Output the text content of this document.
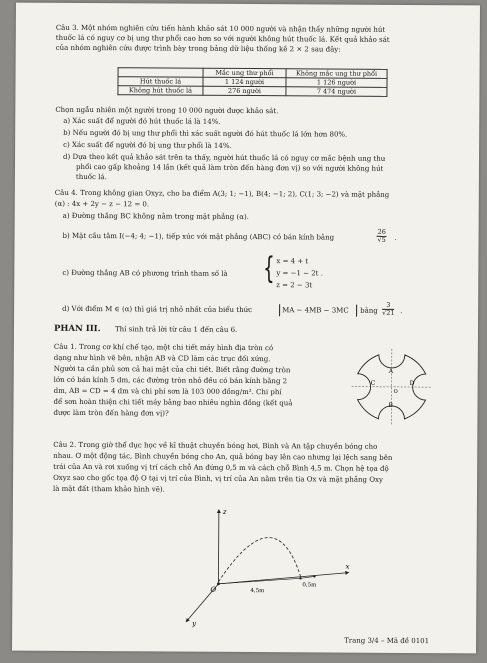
Câu 3. Một nhóm nghiên cứu tiến hành khảo sát 10 000 người và nhận thấy những người hút
thuốc lá có nguy cơ bị ung thư phổi cao hơn so với người không hút thuốc lá. Kết quả khảo sát
của nhóm nghiên cứu được trình bày trong bảng dữ liệu thống kê 2 × 2 sau đây:
	Mắc ung thư phổi	Không mắc ung thư phổi
Hút thuốc lá	1 124 người	1 126 người
Không hút thuốc lá	276 người	7 474 người
Chọn ngẫu nhiên một người trong 10 000 người được khảo sát.
a) Xác suất để người đó hút thuốc lá là 14%.
b) Nếu người đó bị ung thư phổi thì xác suất người đó hút thuốc lá lớn hơn 80%.
c) Xác suất để người đó bị ung thư phổi là 14%.
d) Dựa theo kết quả khảo sát trên ta thấy, người hút thuốc lá có nguy cơ mắc bệnh ung thư
phổi cao gấp khoảng 14 lần (kết quả làm tròn đến hàng đơn vị) so với người không hút
thuốc lá.
Câu 4. Trong không gian Oxyz, cho ba điểm A(3; 1; −1), B(4; −1; 2), C(1; 3; −2) và mặt phẳng
(α) : 4x + 2y − z − 12 = 0.
a) Đường thẳng BC không nằm trong mặt phẳng (α).
b) Mặt cầu tâm I(−4; 4; −1), tiếp xúc với mặt phẳng (ABC) có bán kính bằng	$\frac{26}{√5}$ .
c) Đường thẳng AB có phương trình tham số là { x = 4 + t
y = −1 − 2t .
z = 2 − 3t
d) Với điểm M ∈ (α) thì giá trị nhỏ nhất của biểu thức	MA − 4MB − 3MC bằng $\frac{3}{√21}$ .
PHẦN III. Thí sinh trả lời từ câu 1 đến câu 6.
Câu 1. Trong cơ khí chế tạo, một chi tiết máy hình địa tròn có
dạng như hình vẽ bên, nhận AB và CD làm các trục đối xứng.
Người ta cần phủ sơn cả hai mặt của chi tiết. Biết rằng đường tròn
lớn có bán kính 5 dm, các đường tròn nhỏ đều có bán kính bằng 2
dm, AB = CD = 4 dm và chi phí sơn là 103 000 đồng/m². Chi phí
để sơn hoàn thiện chi tiết máy bằng bao nhiêu nghìn đồng (kết quả
được làm tròn đến hàng đơn vị)?
A
B
C	D
O
Câu 2. Trong giờ thể dục học về kĩ thuật chuyền bóng hơi, Bình và An tập chuyền bóng cho
nhau. Ở một động tác, Bình chuyền bóng cho An, quả bóng bay lên cao nhưng lại lệch sang bên
trái của An và rơi xuống vị trí cách chỗ An đứng 0,5 m và cách chỗ Bình 4,5 m. Chọn hệ tọa độ
Oxyz sao cho gốc tọa độ O tại vị trí của Bình, vị trí của An nằm trên tia Ox và mặt phẳng Oxy
là mặt đất (tham khảo hình vẽ).
z
x
y
O	4,5m
0,5m
Trang 3/4 – Mã đề 0101
